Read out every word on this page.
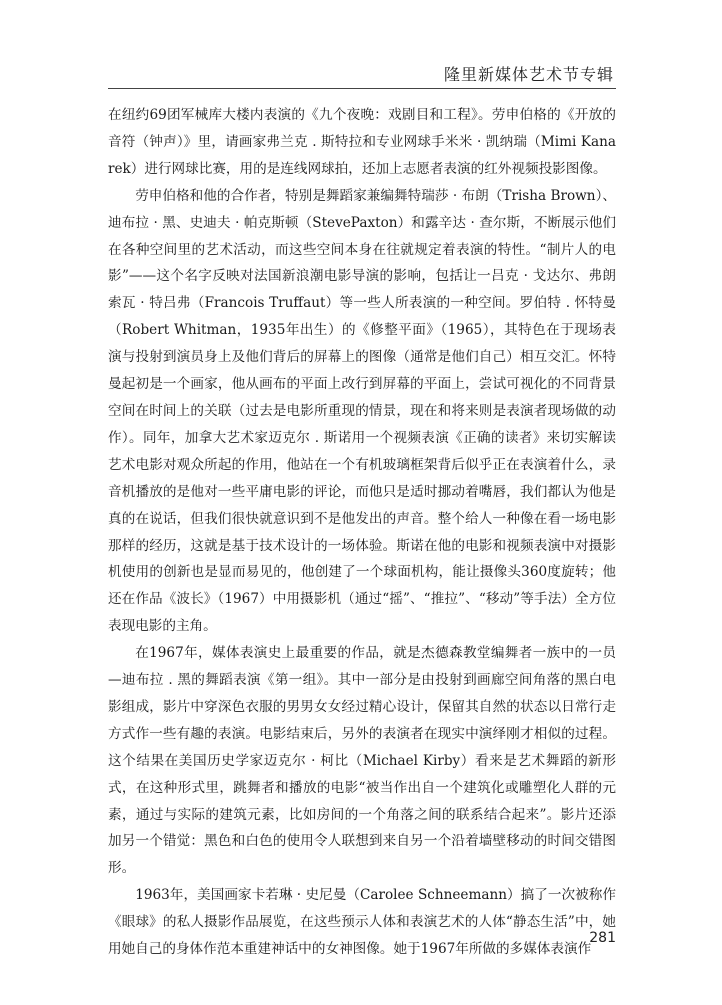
隆里新媒体艺术节专辑

在纽约69团军械库大楼内表演的《九个夜晚：戏剧目和工程》。劳申伯格的《开放的音符（钟声）》里，请画家弗兰克 . 斯特拉和专业网球手米米 · 凯纳瑞（Mimi Kanarek）进行网球比赛，用的是连线网球拍，还加上志愿者表演的红外视频投影图像。

劳申伯格和他的合作者，特别是舞蹈家兼编舞特瑞莎 · 布朗（Trisha Brown）、迪布拉 · 黑、史迪夫 · 帕克斯顿（StevePaxton）和露辛达 · 查尔斯，不断展示他们在各种空间里的艺术活动，而这些空间本身在往就规定着表演的特性。“制片人的电影”——这个名字反映对法国新浪潮电影导演的影响，包括让一吕克 · 戈达尔、弗朗索瓦 · 特吕弗（Francois Truffaut）等一些人所表演的一种空间。罗伯特 . 怀特曼（Robert Whitman，1935年出生）的《修整平面》（1965），其特色在于现场表演与投射到演员身上及他们背后的屏幕上的图像（通常是他们自己）相互交汇。怀特曼起初是一个画家，他从画布的平面上改行到屏幕的平面上，尝试可视化的不同背景空间在时间上的关联（过去是电影所重现的情景，现在和将来则是表演者现场做的动作）。同年，加拿大艺术家迈克尔 . 斯诺用一个视频表演《正确的读者》来切实解读艺术电影对观众所起的作用，他站在一个有机玻璃框架背后似乎正在表演着什么，录音机播放的是他对一些平庸电影的评论，而他只是适时挪动着嘴唇，我们都认为他是真的在说话，但我们很快就意识到不是他发出的声音。整个给人一种像在看一场电影那样的经历，这就是基于技术设计的一场体验。斯诺在他的电影和视频表演中对摄影机使用的创新也是显而易见的，他创建了一个球面机构，能让摄像头360度旋转；他还在作品《波长》（1967）中用摄影机（通过“摇”、“推拉”、“移动”等手法）全方位表现电影的主角。

在1967年，媒体表演史上最重要的作品，就是杰德森教堂编舞者一族中的一员—迪布拉 . 黑的舞蹈表演《第一组》。其中一部分是由投射到画廊空间角落的黑白电影组成，影片中穿深色衣服的男男女女经过精心设计，保留其自然的状态以日常行走方式作一些有趣的表演。电影结束后，另外的表演者在现实中演绎刚才相似的过程。这个结果在美国历史学家迈克尔 · 柯比（Michael Kirby）看来是艺术舞蹈的新形式，在这种形式里，跳舞者和播放的电影“被当作出自一个建筑化或雕塑化人群的元素，通过与实际的建筑元素，比如房间的一个角落之间的联系结合起来”。影片还添加另一个错觉：黑色和白色的使用令人联想到来自另一个沿着墙壁移动的时间交错图形。

1963年，美国画家卡若琳 · 史尼曼（Carolee Schneemann）搞了一次被称作《眼球》的私人摄影作品展览，在这些预示人体和表演艺术的人体“静态生活”中，她用她自己的身体作范本重建神话中的女神图像。她于1967年所做的多媒体表演作

281
